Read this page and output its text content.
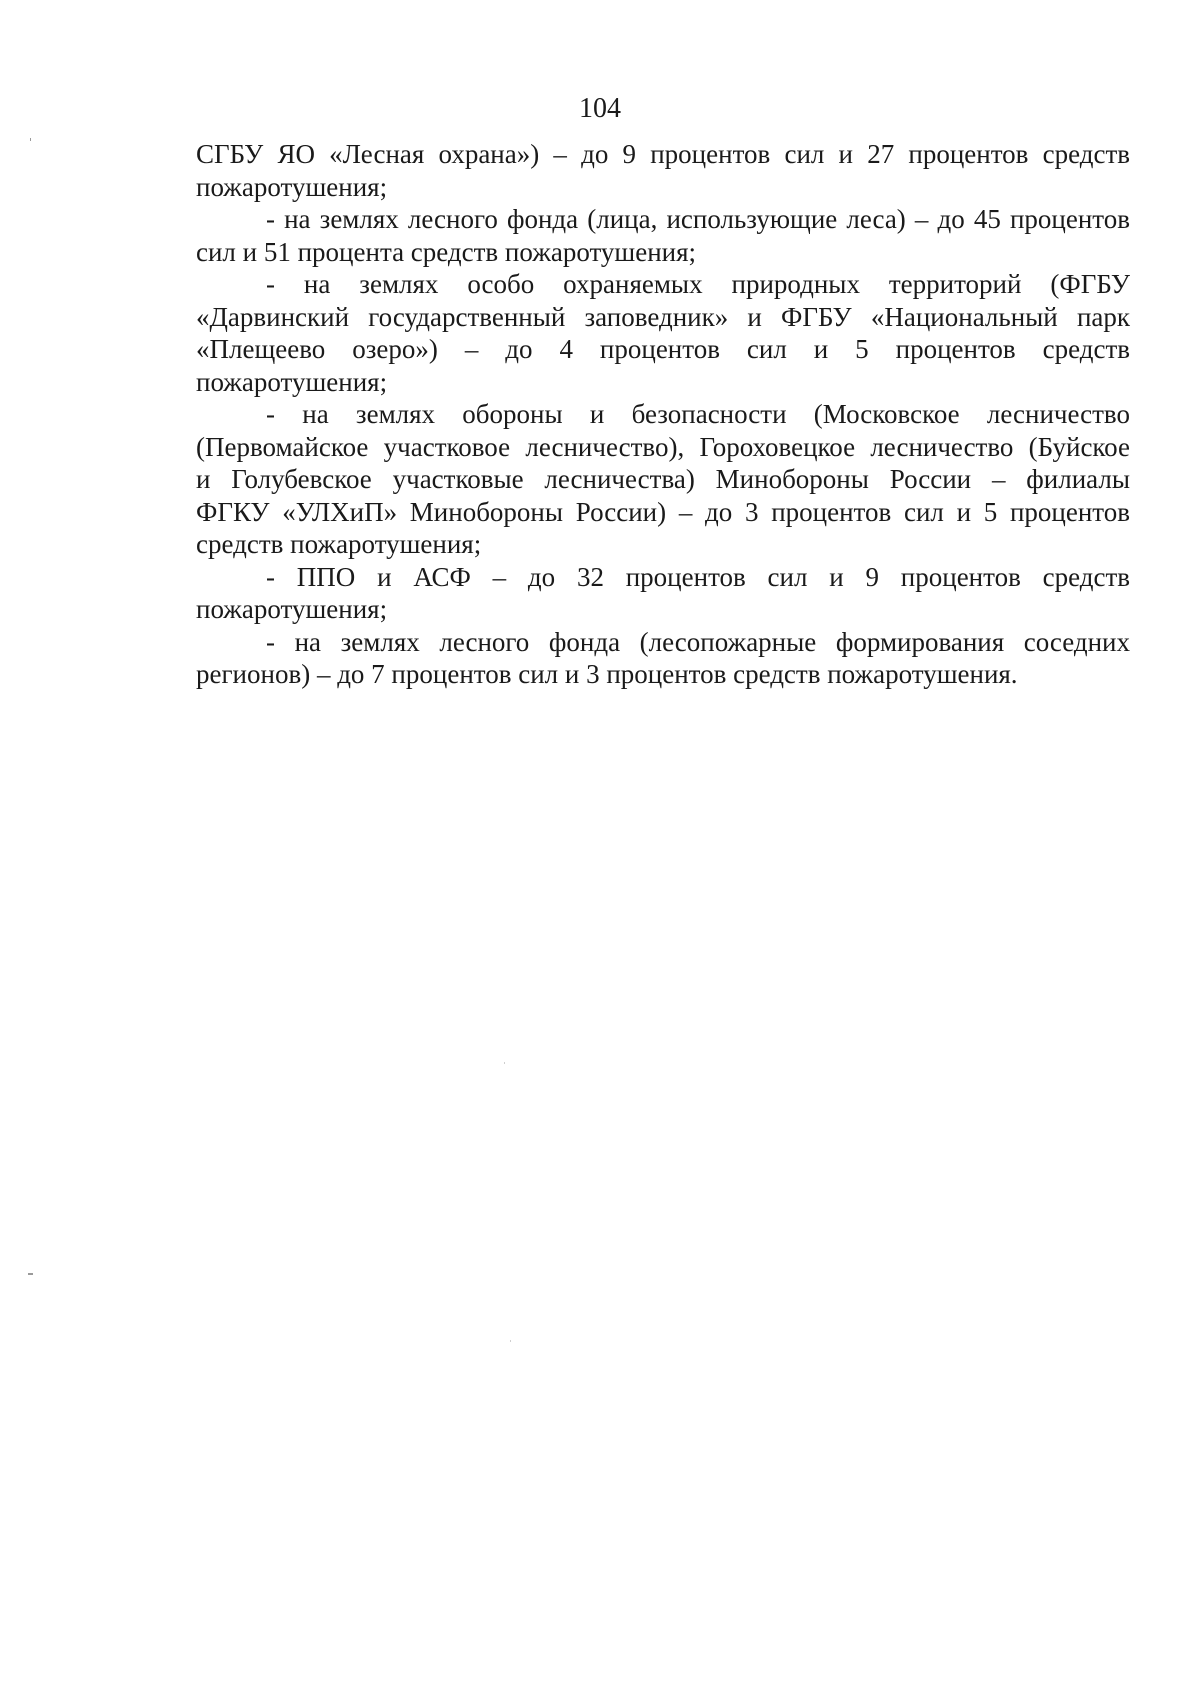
104
СГБУ ЯО «Лесная охрана») – до 9 процентов сил и 27 процентов средств
пожаротушения;
- на землях лесного фонда (лица, использующие леса) – до 45 процентов
сил и 51 процента средств пожаротушения;
- на землях особо охраняемых природных территорий (ФГБУ
«Дарвинский государственный заповедник» и ФГБУ «Национальный парк
«Плещеево озеро») – до 4 процентов сил и 5 процентов средств
пожаротушения;
- на землях обороны и безопасности (Московское лесничество
(Первомайское участковое лесничество), Гороховецкое лесничество (Буйское
и Голубевское участковые лесничества) Минобороны России – филиалы
ФГКУ «УЛХиП» Минобороны России) – до 3 процентов сил и 5 процентов
средств пожаротушения;
- ППО и АСФ – до 32 процентов сил и 9 процентов средств
пожаротушения;
- на землях лесного фонда (лесопожарные формирования соседних
регионов) – до 7 процентов сил и 3 процентов средств пожаротушения.
